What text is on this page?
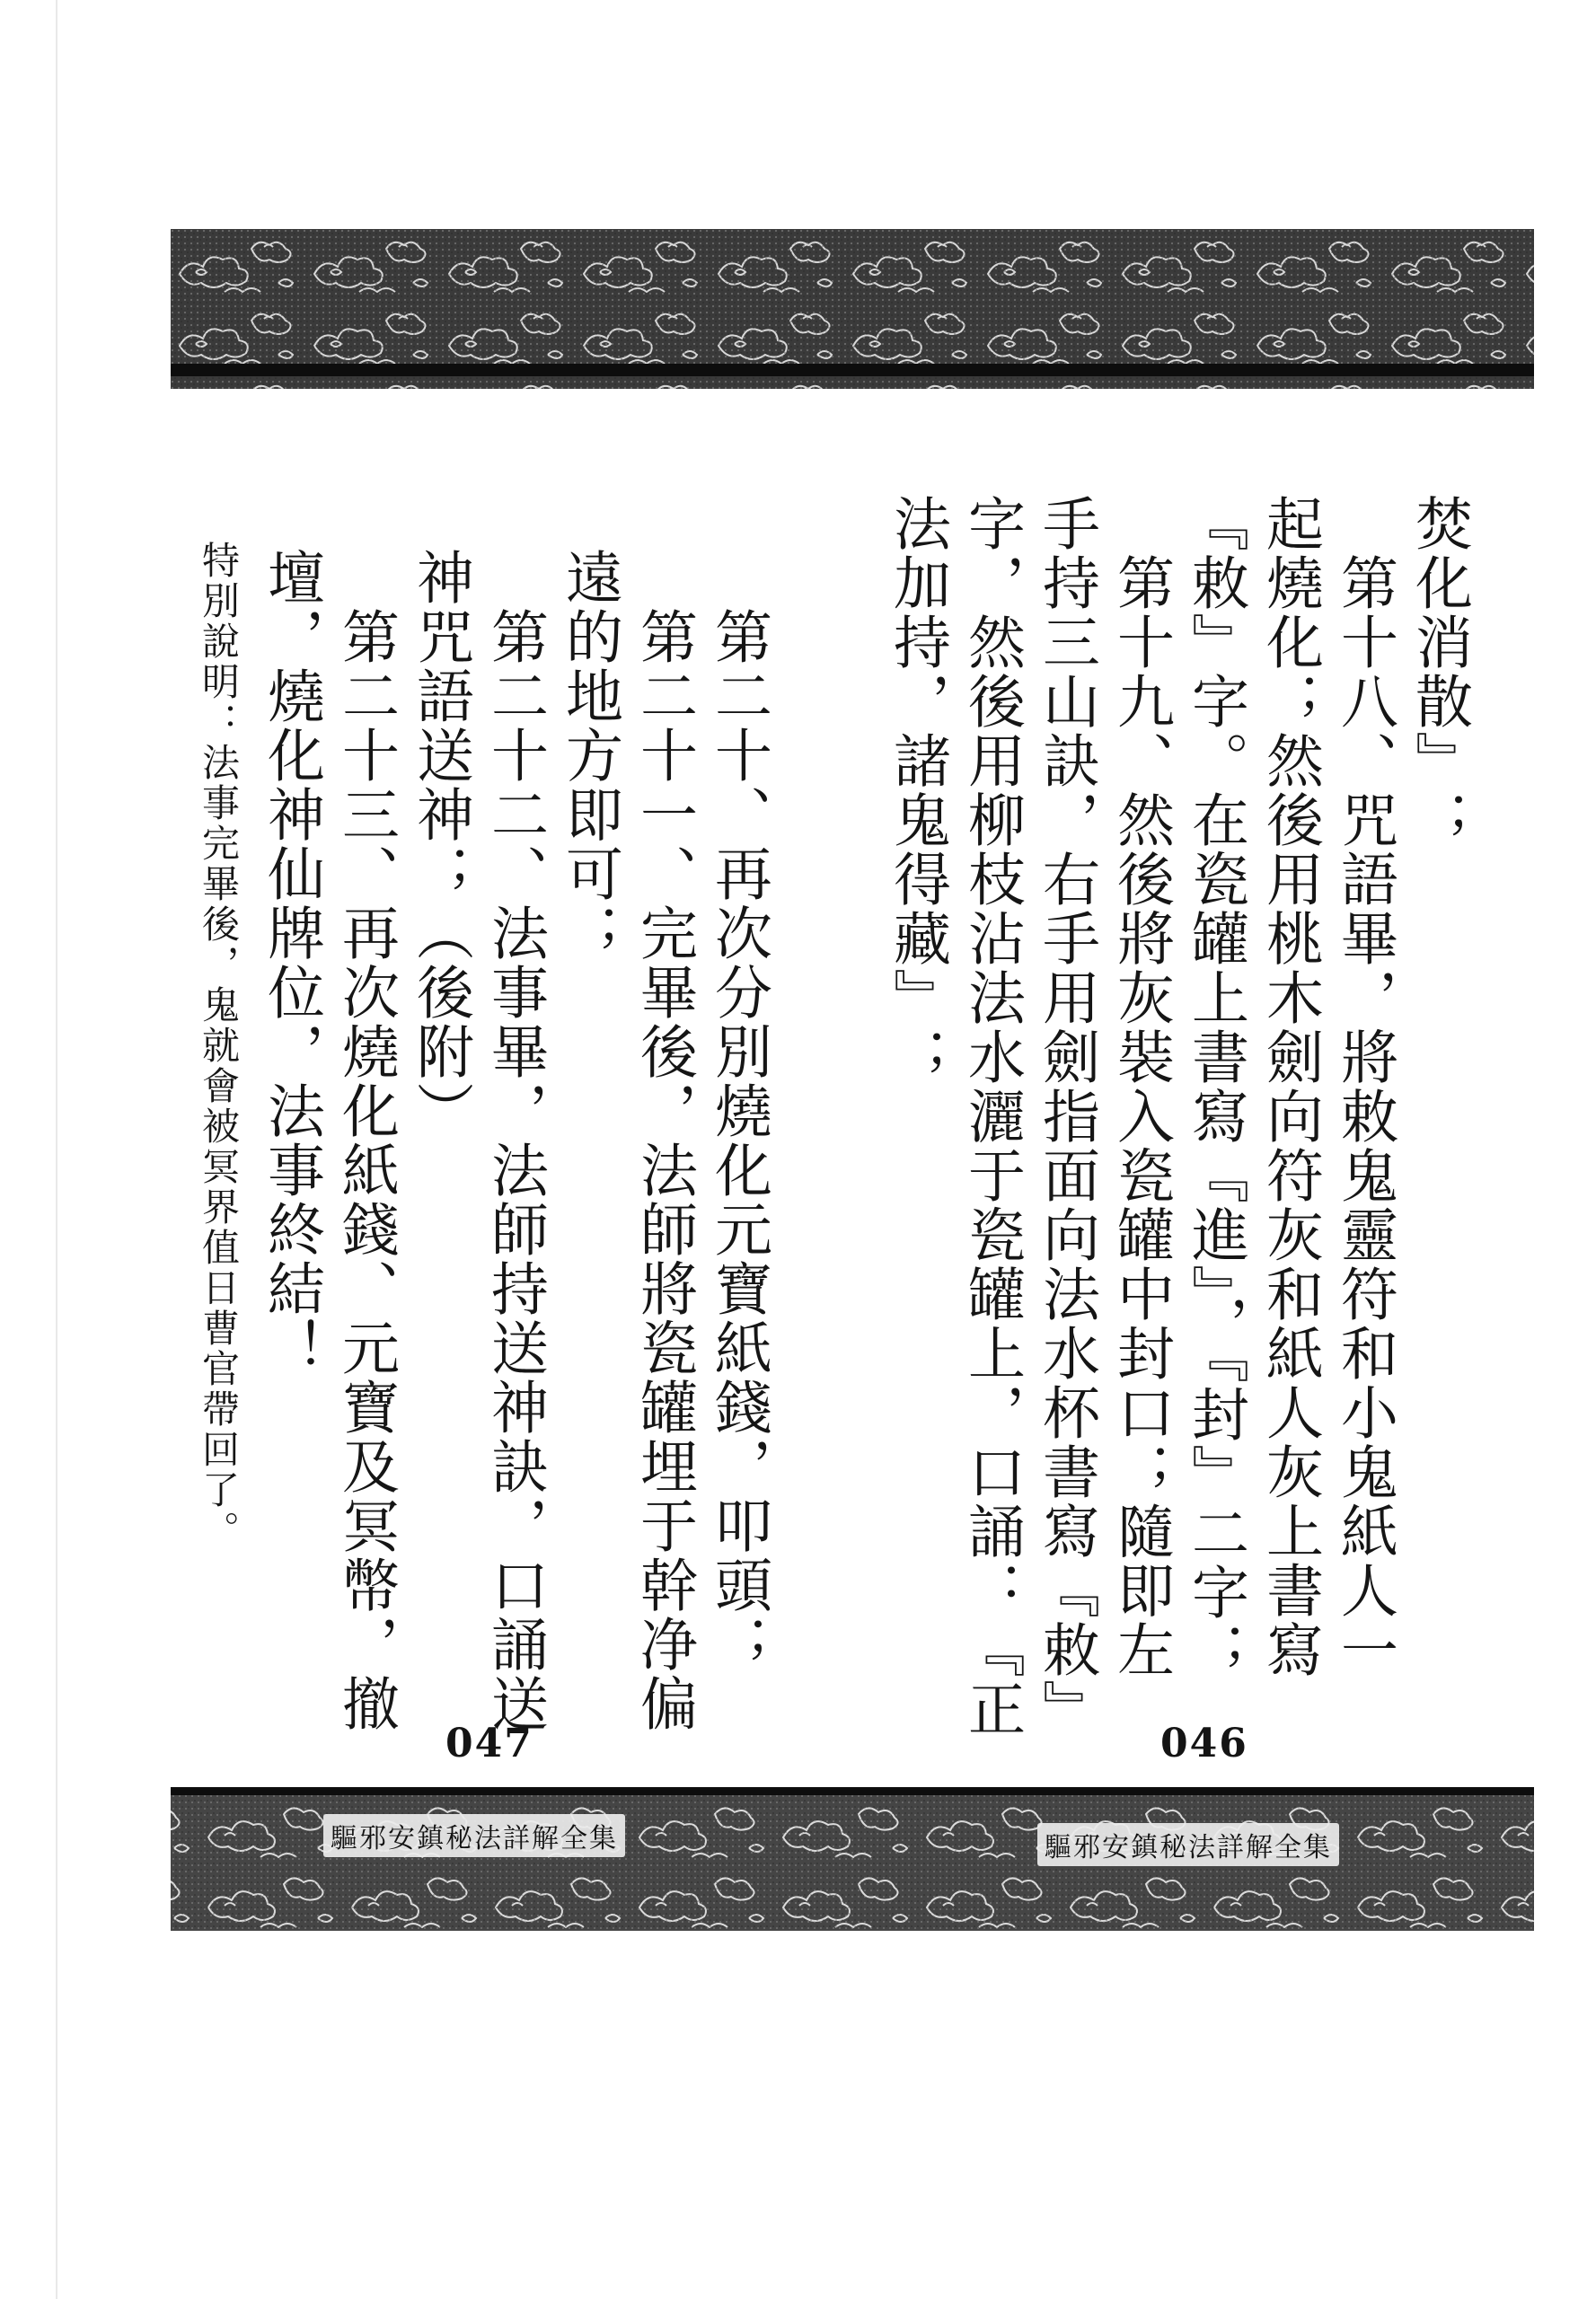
焚化消散』；
　第十八、咒語畢，將敕鬼靈符和小鬼紙人一
起燒化；然後用桃木劍向符灰和紙人灰上書寫
『敕』字。在瓷罐上書寫『進』，『封』二字；
　第十九、然後將灰裝入瓷罐中封口；隨即左
手持三山訣，右手用劍指面向法水杯書寫『敕』
字，然後用柳枝沾法水灑于瓷罐上，口誦：『正
法加持，諸鬼得藏』；
　第二十、再次分別燒化元寶紙錢，叩頭；
　第二十一、完畢後，法師將瓷罐埋于幹净偏
遠的地方即可；
　第二十二、法事畢，法師持送神訣，口誦送
神咒語送神；（後附）
　第二十三、再次燒化紙錢、元寶及冥幣，撤
壇，燒化神仙牌位，法事終結！
特別說明：法事完畢後，鬼就會被冥界值日曹官帶回了。
047	046
驅邪安鎮秘法詳解全集	驅邪安鎮秘法詳解全集
